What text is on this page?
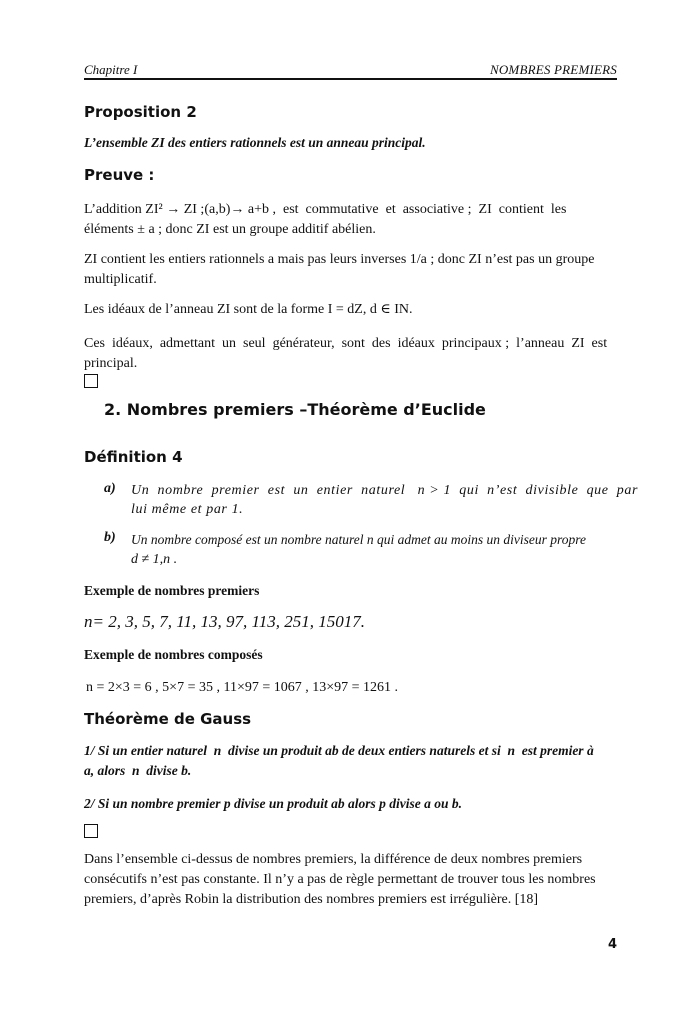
Chapitre I	NOMBRES PREMIERS
Proposition 2
L’ensemble ZI des entiers rationnels est un anneau principal.
Preuve :
L’addition ZI² → ZI ;(a,b)→ a+b ,  est  commutative  et  associative ;  ZI  contient  les
éléments ± a ; donc ZI est un groupe additif abélien.
ZI contient les entiers rationnels a mais pas leurs inverses 1/a ; donc ZI n’est pas un groupe
multiplicatif.
Les idéaux de l’anneau ZI sont de la forme I = dZ, d ∈ IN.
Ces  idéaux,  admettant  un  seul  générateur,  sont  des  idéaux  principaux ;  l’anneau  ZI  est
principal.
2. Nombres premiers –Théorème d’Euclide
Définition 4
a) Un  nombre  premier  est  un  entier  naturel   n > 1  qui  n’est  divisible  que  par
lui même et par 1.
b) Un nombre composé est un nombre naturel n qui admet au moins un diviseur propre
d ≠ 1,n .
Exemple de nombres premiers
n= 2, 3, 5, 7, 11, 13, 97, 113, 251, 15017.
Exemple de nombres composés
n = 2×3 = 6 , 5×7 = 35 , 11×97 = 1067 , 13×97 = 1261 .
Théorème de Gauss
1/ Si un entier naturel  n  divise un produit ab de deux entiers naturels et si  n  est premier à
a, alors  n  divise b.
2/ Si un nombre premier p divise un produit ab alors p divise a ou b.
Dans l’ensemble ci-dessus de nombres premiers, la différence de deux nombres premiers
consécutifs n’est pas constante. Il n’y a pas de règle permettant de trouver tous les nombres
premiers, d’après Robin la distribution des nombres premiers est irrégulière. [18]
4
